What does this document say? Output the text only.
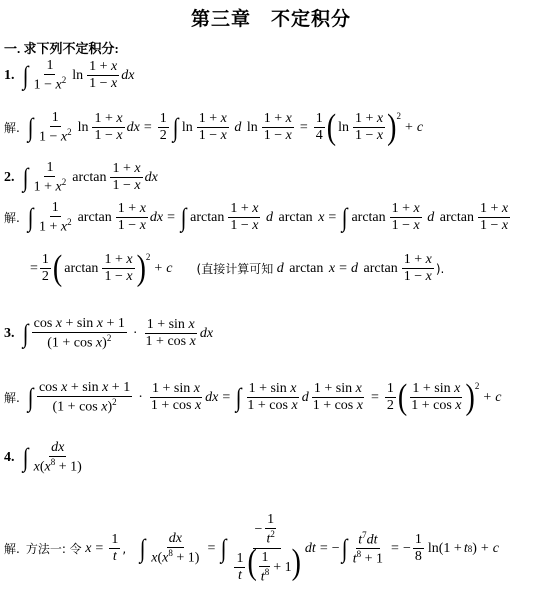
第三章　不定积分
一. 求下列不定积分:
1. ∫ $\frac{1}{1 - x^2}$ $\ln \frac{1 + x}{1 - x}$ dx
解. ∫ $\frac{1}{1 - x^2}$ $\ln \frac{1 + x}{1 - x}$ dx = $\frac{1}{2}$ ∫ $\ln \frac{1 + x}{1 - x}$ d $\ln \frac{1 + x}{1 - x} = \frac{1}{4}$ ( $\ln \frac{1 + x}{1 - x} )^2$
+ c
2. ∫ $\frac{1}{1 + x^2}$ $\arctan \frac{1 + x}{1 - x}$ dx
解. ∫ $\frac{1}{1 + x^2}$ $\arctan \frac{1 + x}{1 - x}$ dx = ∫ $\arctan \frac{1 + x}{1 - x}$ d arctan x = ∫ $\arctan \frac{1 + x}{1 - x}$ d $\arctan \frac{1 + x}{1 - x}$
= $\frac{1}{2}$ ( $\arctan \frac{1 + x}{1 - x} )^2$
+ c (直接计算可知 d arctan x = d $\arctan \frac{1 + x}{1 - x}$ ).
3. ∫ $\frac{\text{cos x + sin x + 1}}{(1 + \cos x)^2} \cdot \frac{\text{1 + sin x}}{\text{1 + cos x}}$ dx
解. ∫ $\frac{\text{cos x + sin x + 1}}{(1 + \cos x)^2} \cdot \frac{\text{1 + sin x}}{\text{1 + cos x}}$ dx = ∫ $\frac{\text{1 + sin x}}{\text{1 + cos x}}$ d $\frac{\text{1 + sin x}}{\text{1 + cos x}} = \frac{1}{2}$ ( $\frac{\text{1 + sin x}}{\text{1 + cos x}} )^2$
+ c
4. ∫ $\frac{dx}{x(x^8 + 1)}$
解. 方法一: 令 $x = \frac{1}{t}$ , ∫ $\frac{dx}{x(x^8 + 1)}$ = ∫ $\frac{- \frac{1}{t^2}}{\frac{1}{t} ( \frac{1}{t^8} + 1)}$ dt = − ∫ $\frac{t^7dt}{t^8 + 1}$ = − $\frac{1}{8} \ln(1 + t$ 8 ) + c
